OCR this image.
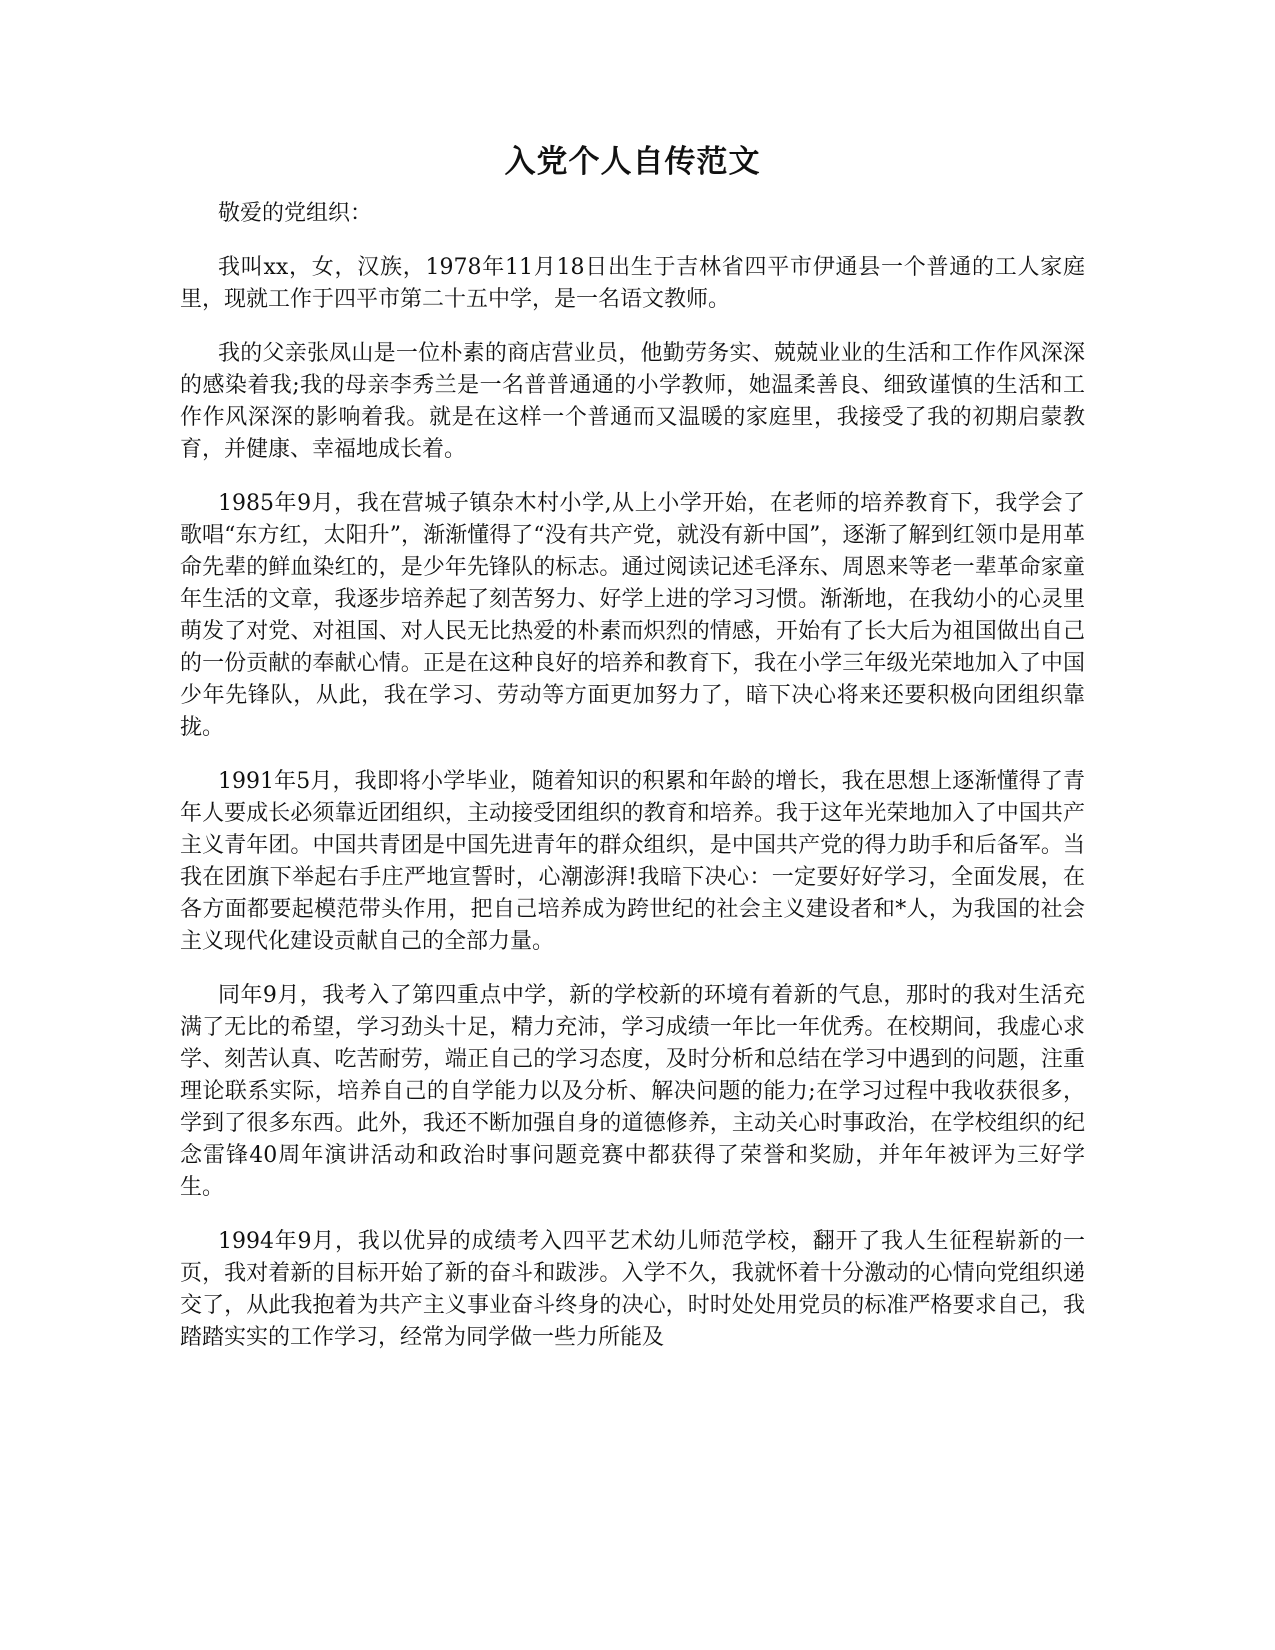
入党个人自传范文

敬爱的党组织：

我叫xx，女，汉族，1978年11月18日出生于吉林省四平市伊通县一个普通的工人家庭里，现就工作于四平市第二十五中学，是一名语文教师。

我的父亲张凤山是一位朴素的商店营业员，他勤劳务实、兢兢业业的生活和工作作风深深的感染着我;我的母亲李秀兰是一名普普通通的小学教师，她温柔善良、细致谨慎的生活和工作作风深深的影响着我。就是在这样一个普通而又温暖的家庭里，我接受了我的初期启蒙教育，并健康、幸福地成长着。

1985年9月，我在营城子镇杂木村小学,从上小学开始，在老师的培养教育下，我学会了歌唱“东方红，太阳升”，渐渐懂得了“没有共产党，就没有新中国”，逐渐了解到红领巾是用革命先辈的鲜血染红的，是少年先锋队的标志。通过阅读记述毛泽东、周恩来等老一辈革命家童年生活的文章，我逐步培养起了刻苦努力、好学上进的学习习惯。渐渐地，在我幼小的心灵里萌发了对党、对祖国、对人民无比热爱的朴素而炽烈的情感，开始有了长大后为祖国做出自己的一份贡献的奉献心情。正是在这种良好的培养和教育下，我在小学三年级光荣地加入了中国少年先锋队，从此，我在学习、劳动等方面更加努力了，暗下决心将来还要积极向团组织靠拢。

1991年5月，我即将小学毕业，随着知识的积累和年龄的增长，我在思想上逐渐懂得了青年人要成长必须靠近团组织，主动接受团组织的教育和培养。我于这年光荣地加入了中国共产主义青年团。中国共青团是中国先进青年的群众组织，是中国共产党的得力助手和后备军。当我在团旗下举起右手庄严地宣誓时，心潮澎湃!我暗下决心：一定要好好学习，全面发展，在各方面都要起模范带头作用，把自己培养成为跨世纪的社会主义建设者和*人，为我国的社会主义现代化建设贡献自己的全部力量。

同年9月，我考入了第四重点中学，新的学校新的环境有着新的气息，那时的我对生活充满了无比的希望，学习劲头十足，精力充沛，学习成绩一年比一年优秀。在校期间，我虚心求学、刻苦认真、吃苦耐劳，端正自己的学习态度，及时分析和总结在学习中遇到的问题，注重理论联系实际，培养自己的自学能力以及分析、解决问题的能力;在学习过程中我收获很多，学到了很多东西。此外，我还不断加强自身的道德修养，主动关心时事政治，在学校组织的纪念雷锋40周年演讲活动和政治时事问题竞赛中都获得了荣誉和奖励，并年年被评为三好学生。

1994年9月，我以优异的成绩考入四平艺术幼儿师范学校，翻开了我人生征程崭新的一页，我对着新的目标开始了新的奋斗和跋涉。入学不久，我就怀着十分激动的心情向党组织递交了，从此我抱着为共产主义事业奋斗终身的决心，时时处处用党员的标准严格要求自己，我踏踏实实的工作学习，经常为同学做一些力所能及
